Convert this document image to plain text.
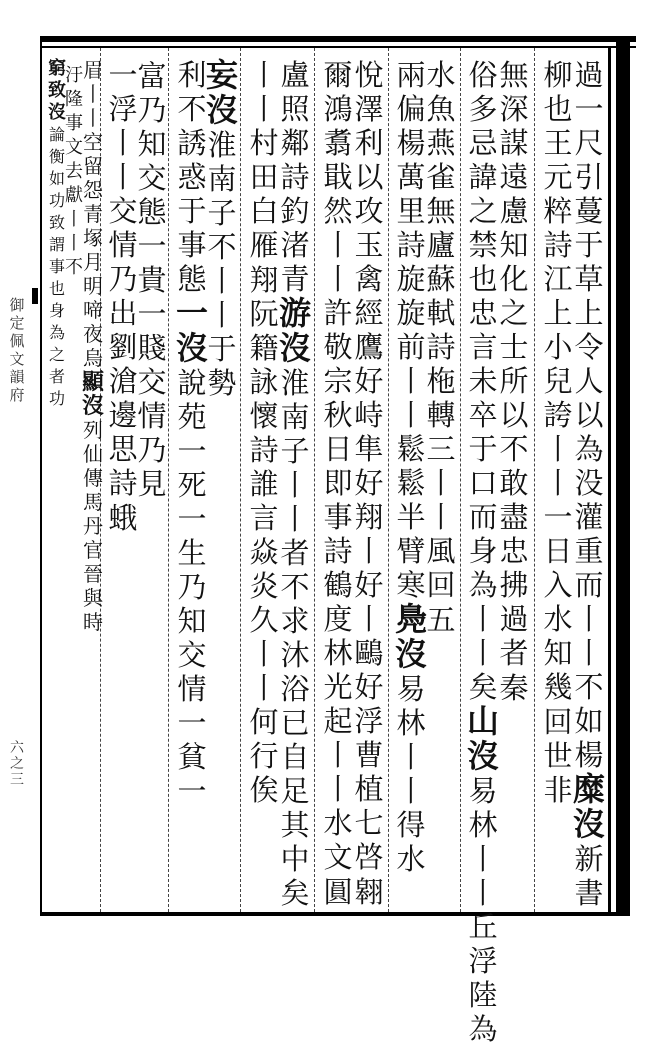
御定佩文韻府
六之三
過一尺引蔓于草上令人以為没灌重而丨丨不如楊糜沒新書
柳也王元粹詩江上小兒誇丨丨一日入水知幾回世非
無深謀遠慮知化之士所以不敢盡忠拂過者秦
俗多忌諱之禁也忠言未卒于口而身為丨丨矣山沒易林丨丨丘浮陸為
水魚燕雀無廬蘇軾詩柂轉三丨丨風回五
兩偏楊萬里詩旋旋前丨丨鬆鬆半臂寒鳧沒易林丨丨得水
悅澤利以攻玉禽經鷹好峙隼好翔丨好丨鷗好浮曹植七啓翱
爾鴻翥戢然丨丨許敬宗秋日即事詩鶴度林光起丨丨水文圓
盧照鄰詩釣渚青游沒淮南子丨丨者不求沐浴已自足其中矣
丨丨村田白雁翔阮籍詠懷詩誰言焱炎久丨丨何行俟
妄沒淮南子不丨丨于勢
利不誘惑于事態一沒說苑一死一生乃知交情一貧一
富乃知交態一貴一賤交情乃見
一浮丨丨交情乃出劉滄邊思詩蛾
眉丨丨空留怨青塚月明啼夜烏顯沒列仙傳馬丹官晉與時
汙隆事文去獻丨丨不
窮致沒論衡如功致謂事也身為之者功
